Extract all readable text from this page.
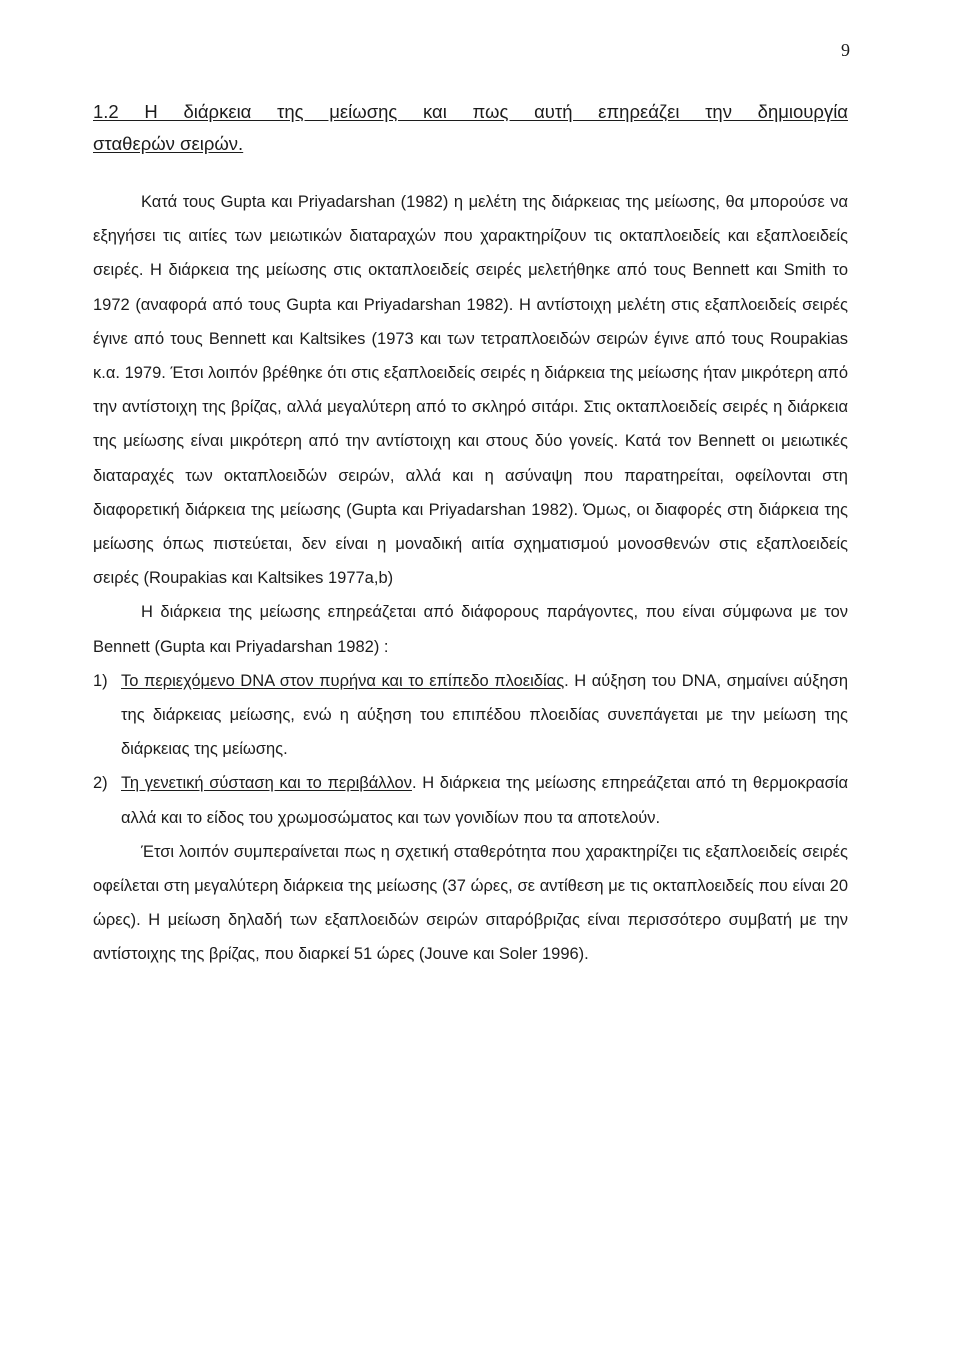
9
1.2 Η διάρκεια της μείωσης και πως αυτή επηρεάζει την δημιουργία
σταθερών σειρών.

Κατά τους Gupta και Priyadarshan (1982) η μελέτη της διάρκειας της μείωσης, θα μπορούσε να εξηγήσει τις αιτίες των μειωτικών διαταραχών που χαρακτηρίζουν τις οκταπλοειδείς και εξαπλοειδείς σειρές. Η διάρκεια της μείωσης στις οκταπλοειδείς σειρές μελετήθηκε από τους Bennett και Smith το 1972 (αναφορά από τους Gupta και Priyadarshan 1982). Η αντίστοιχη μελέτη στις εξαπλοειδείς σειρές έγινε από τους Bennett και Kaltsikes (1973 και των τετραπλοειδών σειρών έγινε από τους Roupakias κ.α. 1979. Έτσι λοιπόν βρέθηκε ότι στις εξαπλοειδείς σειρές η διάρκεια της μείωσης ήταν μικρότερη από την αντίστοιχη της βρίζας, αλλά μεγαλύτερη από το σκληρό σιτάρι. Στις οκταπλοειδείς σειρές η διάρκεια της μείωσης είναι μικρότερη από την αντίστοιχη και στους δύο γονείς. Κατά τον Bennett οι μειωτικές διαταραχές των οκταπλοειδών σειρών, αλλά και η ασύναψη που παρατηρείται, οφείλονται στη διαφορετική διάρκεια της μείωσης (Gupta και Priyadarshan 1982). Όμως, οι διαφορές στη διάρκεια της μείωσης όπως πιστεύεται, δεν είναι η μοναδική αιτία σχηματισμού μονοσθενών στις εξαπλοειδείς σειρές (Roupakias και Kaltsikes 1977a,b)

Η διάρκεια της μείωσης επηρεάζεται από διάφορους παράγοντες, που είναι σύμφωνα με τον Bennett (Gupta και Priyadarshan 1982) :

1) Το περιεχόμενο DNA στον πυρήνα και το επίπεδο πλοειδίας. Η αύξηση του DNA, σημαίνει αύξηση της διάρκειας μείωσης, ενώ η αύξηση του επιπέδου πλοειδίας συνεπάγεται με την μείωση της διάρκειας της μείωσης.
2) Τη γενετική σύσταση και το περιβάλλον. Η διάρκεια της μείωσης επηρεάζεται από τη θερμοκρασία αλλά και το είδος του χρωμοσώματος και των γονιδίων που τα αποτελούν.

Έτσι λοιπόν συμπεραίνεται πως η σχετική σταθερότητα που χαρακτηρίζει τις εξαπλοειδείς σειρές οφείλεται στη μεγαλύτερη διάρκεια της μείωσης (37 ώρες, σε αντίθεση με τις οκταπλοειδείς που είναι 20 ώρες). Η μείωση δηλαδή των εξαπλοειδών σειρών σιταρόβριζας είναι περισσότερο συμβατή με την αντίστοιχης της βρίζας, που διαρκεί 51 ώρες (Jouve και Soler 1996).
